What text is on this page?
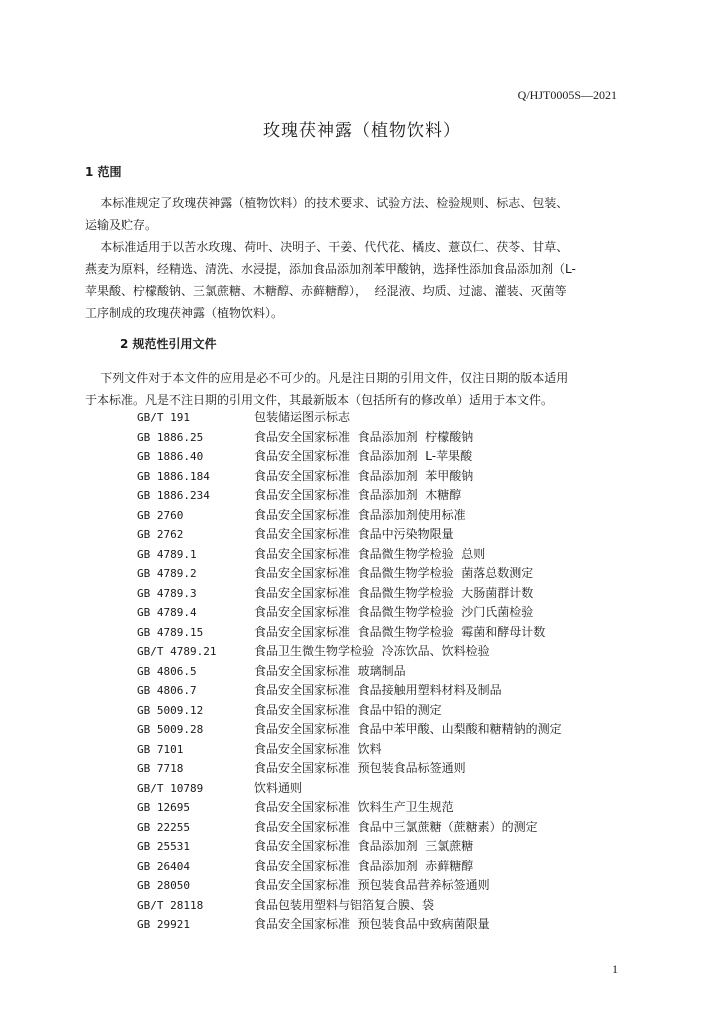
Q/HJT0005S—2021
玫瑰茯神露（植物饮料）
1 范围
本标准规定了玫瑰茯神露（植物饮料）的技术要求、试验方法、检验规则、标志、包装、
运输及贮存。
本标准适用于以苦水玫瑰、荷叶、决明子、干姜、代代花、橘皮、薏苡仁、茯苓、甘草、
燕麦为原料，经精选、清洗、水浸提，添加食品添加剂苯甲酸钠，选择性添加食品添加剂（L-
苹果酸、柠檬酸钠、三氯蔗糖、木糖醇、赤藓糖醇），  经混液、均质、过滤、灌装、灭菌等
工序制成的玫瑰茯神露（植物饮料）。
2 规范性引用文件
下列文件对于本文件的应用是必不可少的。凡是注日期的引用文件，仅注日期的版本适用
于本标准。凡是不注日期的引用文件，其最新版本（包括所有的修改单）适用于本文件。
GB/T 191	包装储运图示标志
GB 1886.25	食品安全国家标准  食品添加剂  柠檬酸钠
GB 1886.40	食品安全国家标准  食品添加剂  L-苹果酸
GB 1886.184	食品安全国家标准  食品添加剂  苯甲酸钠
GB 1886.234	食品安全国家标准  食品添加剂  木糖醇
GB 2760	食品安全国家标准  食品添加剂使用标准
GB 2762	食品安全国家标准  食品中污染物限量
GB 4789.1	食品安全国家标准  食品微生物学检验  总则
GB 4789.2	食品安全国家标准  食品微生物学检验  菌落总数测定
GB 4789.3	食品安全国家标准  食品微生物学检验  大肠菌群计数
GB 4789.4	食品安全国家标准  食品微生物学检验  沙门氏菌检验
GB 4789.15	食品安全国家标准  食品微生物学检验  霉菌和酵母计数
GB/T 4789.21	食品卫生微生物学检验  冷冻饮品、饮料检验
GB 4806.5	食品安全国家标准  玻璃制品
GB 4806.7	食品安全国家标准  食品接触用塑料材料及制品
GB 5009.12	食品安全国家标准  食品中铅的测定
GB 5009.28	食品安全国家标准  食品中苯甲酸、山梨酸和糖精钠的测定
GB 7101	食品安全国家标准  饮料
GB 7718	食品安全国家标准  预包装食品标签通则
GB/T 10789	饮料通则
GB 12695	食品安全国家标准  饮料生产卫生规范
GB 22255	食品安全国家标准  食品中三氯蔗糖（蔗糖素）的测定
GB 25531	食品安全国家标准  食品添加剂  三氯蔗糖
GB 26404	食品安全国家标准  食品添加剂  赤藓糖醇
GB 28050	食品安全国家标准  预包装食品营养标签通则
GB/T 28118	食品包装用塑料与铝箔复合膜、袋
GB 29921	食品安全国家标准  预包装食品中致病菌限量
1
